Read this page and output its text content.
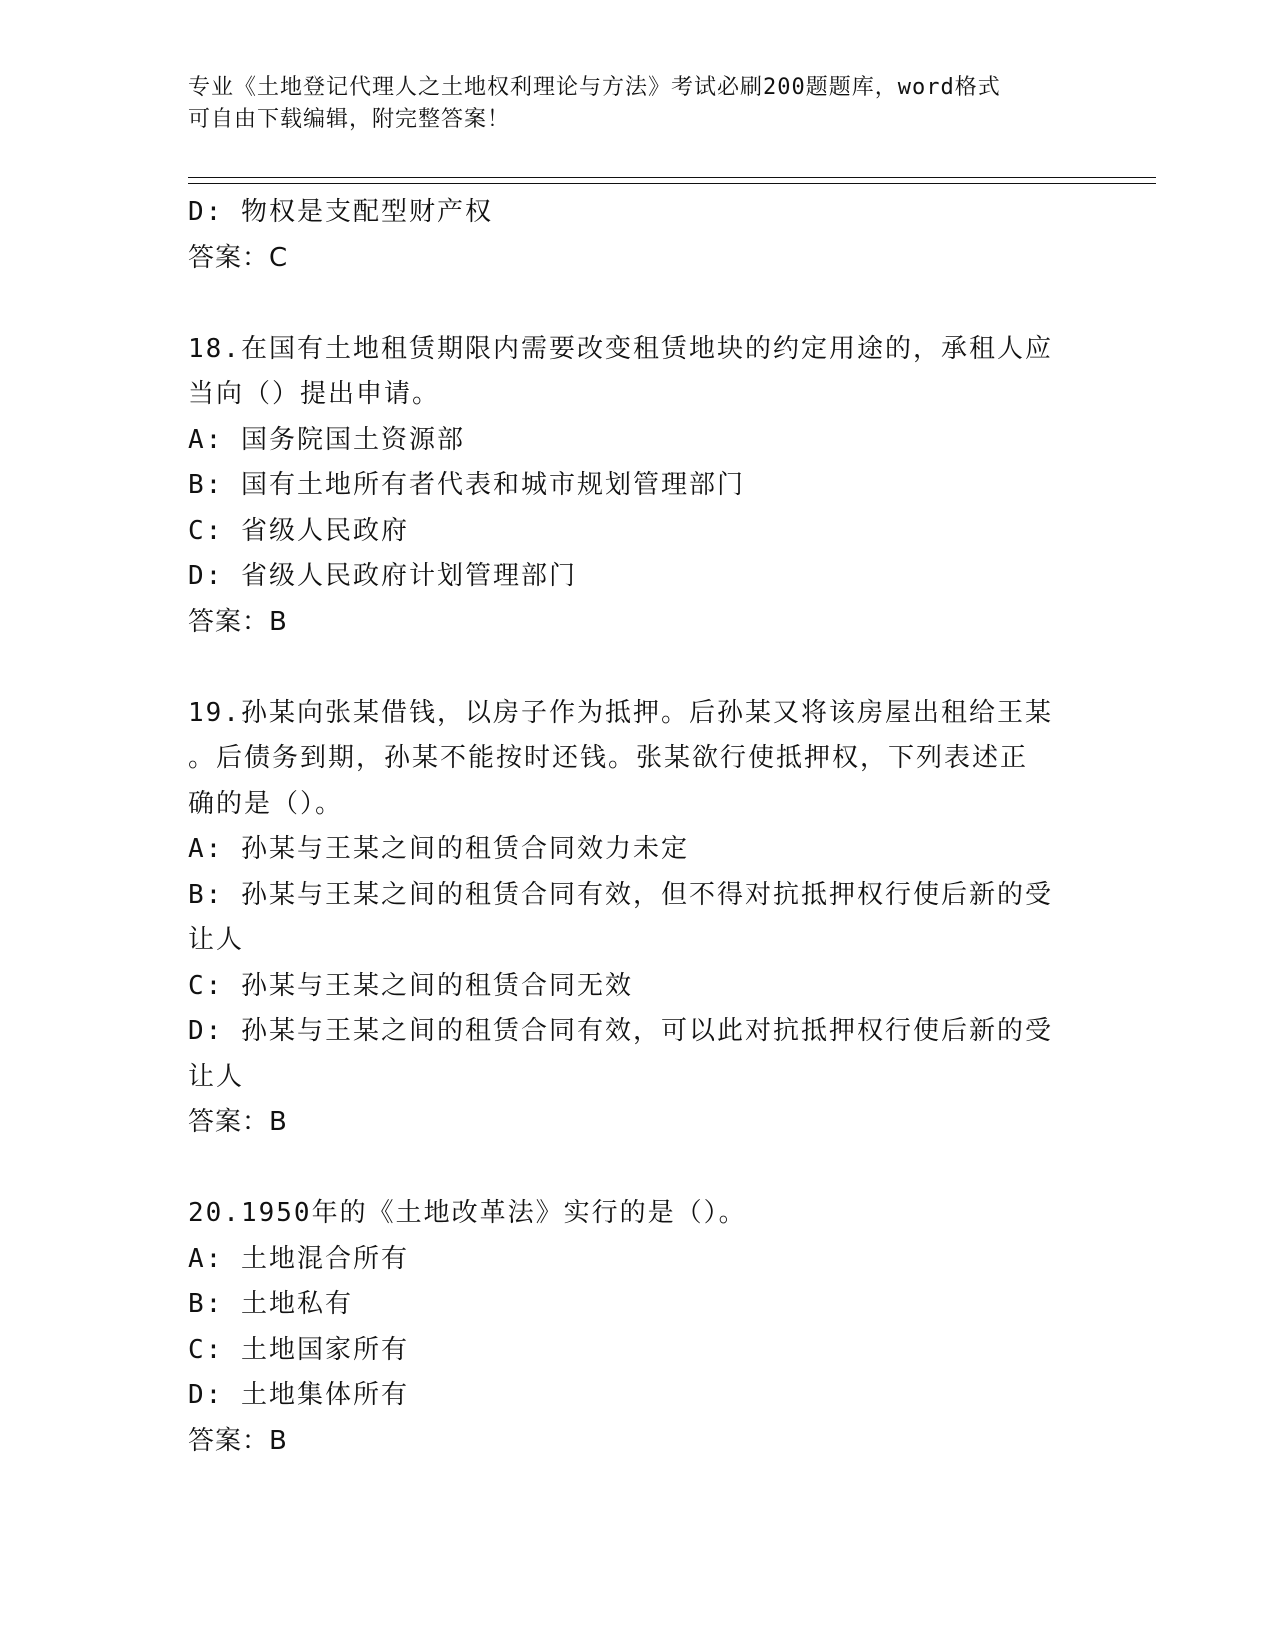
专业《土地登记代理人之土地权利理论与方法》考试必刷200题题库，word格式
可自由下载编辑，附完整答案！
D: 物权是支配型财产权
答案：C
18.在国有土地租赁期限内需要改变租赁地块的约定用途的，承租人应
当向（）提出申请。
A: 国务院国土资源部
B: 国有土地所有者代表和城市规划管理部门
C: 省级人民政府
D: 省级人民政府计划管理部门
答案：B
19.孙某向张某借钱，以房子作为抵押。后孙某又将该房屋出租给王某
。后债务到期，孙某不能按时还钱。张某欲行使抵押权，下列表述正
确的是（）。
A: 孙某与王某之间的租赁合同效力未定
B: 孙某与王某之间的租赁合同有效，但不得对抗抵押权行使后新的受
让人
C: 孙某与王某之间的租赁合同无效
D: 孙某与王某之间的租赁合同有效，可以此对抗抵押权行使后新的受
让人
答案：B
20.1950年的《土地改革法》实行的是（）。
A: 土地混合所有
B: 土地私有
C: 土地国家所有
D: 土地集体所有
答案：B
